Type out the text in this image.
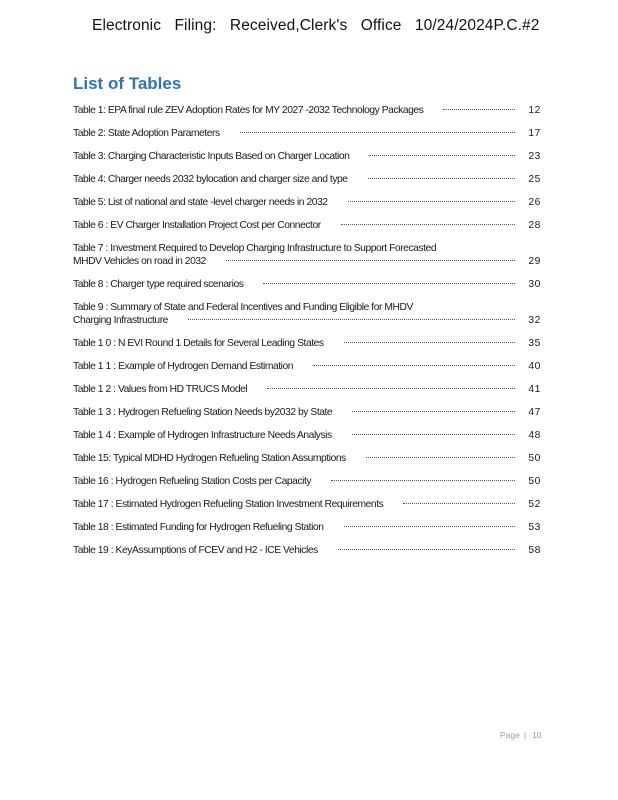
Electronic Filing: Received,Clerk's Office 10/24/2024P.C.#2
List of Tables
Table 1: EPA final rule ZEV Adoption Rates for MY 2027 -2032 Technology Packages	12
Table 2: State Adoption Parameters	17
Table 3: Charging Characteristic Inputs Based on Charger Location	23
Table 4: Charger needs 2032 bylocation and charger size and type	25
Table 5: List of national and state -level charger needs in 2032	26
Table 6 : EV Charger Installation Project Cost per Connector	28
Table 7 : Investment Required to Develop Charging Infrastructure to Support Forecasted
MHDV Vehicles on road in 2032	29
Table 8 : Charger type required scenarios	30
Table 9 : Summary of State and Federal Incentives and Funding Eligible for MHDV
Charging Infrastructure	32
Table 1 0 : N EVI Round 1 Details for Several Leading States	35
Table 1 1 : Example of Hydrogen Demand Estimation	40
Table 1 2 : Values from HD TRUCS Model	41
Table 1 3 : Hydrogen Refueling Station Needs by2032 by State	47
Table 1 4 : Example of Hydrogen Infrastructure Needs Analysis	48
Table 15: Typical MDHD Hydrogen Refueling Station Assumptions	50
Table 16 : Hydrogen Refueling Station Costs per Capacity	50
Table 17 : Estimated Hydrogen Refueling Station Investment Requirements	52
Table 18 : Estimated Funding for Hydrogen Refueling Station	53
Table 19 : KeyAssumptions of FCEV and H2 - ICE Vehicles	58
Page | 10
